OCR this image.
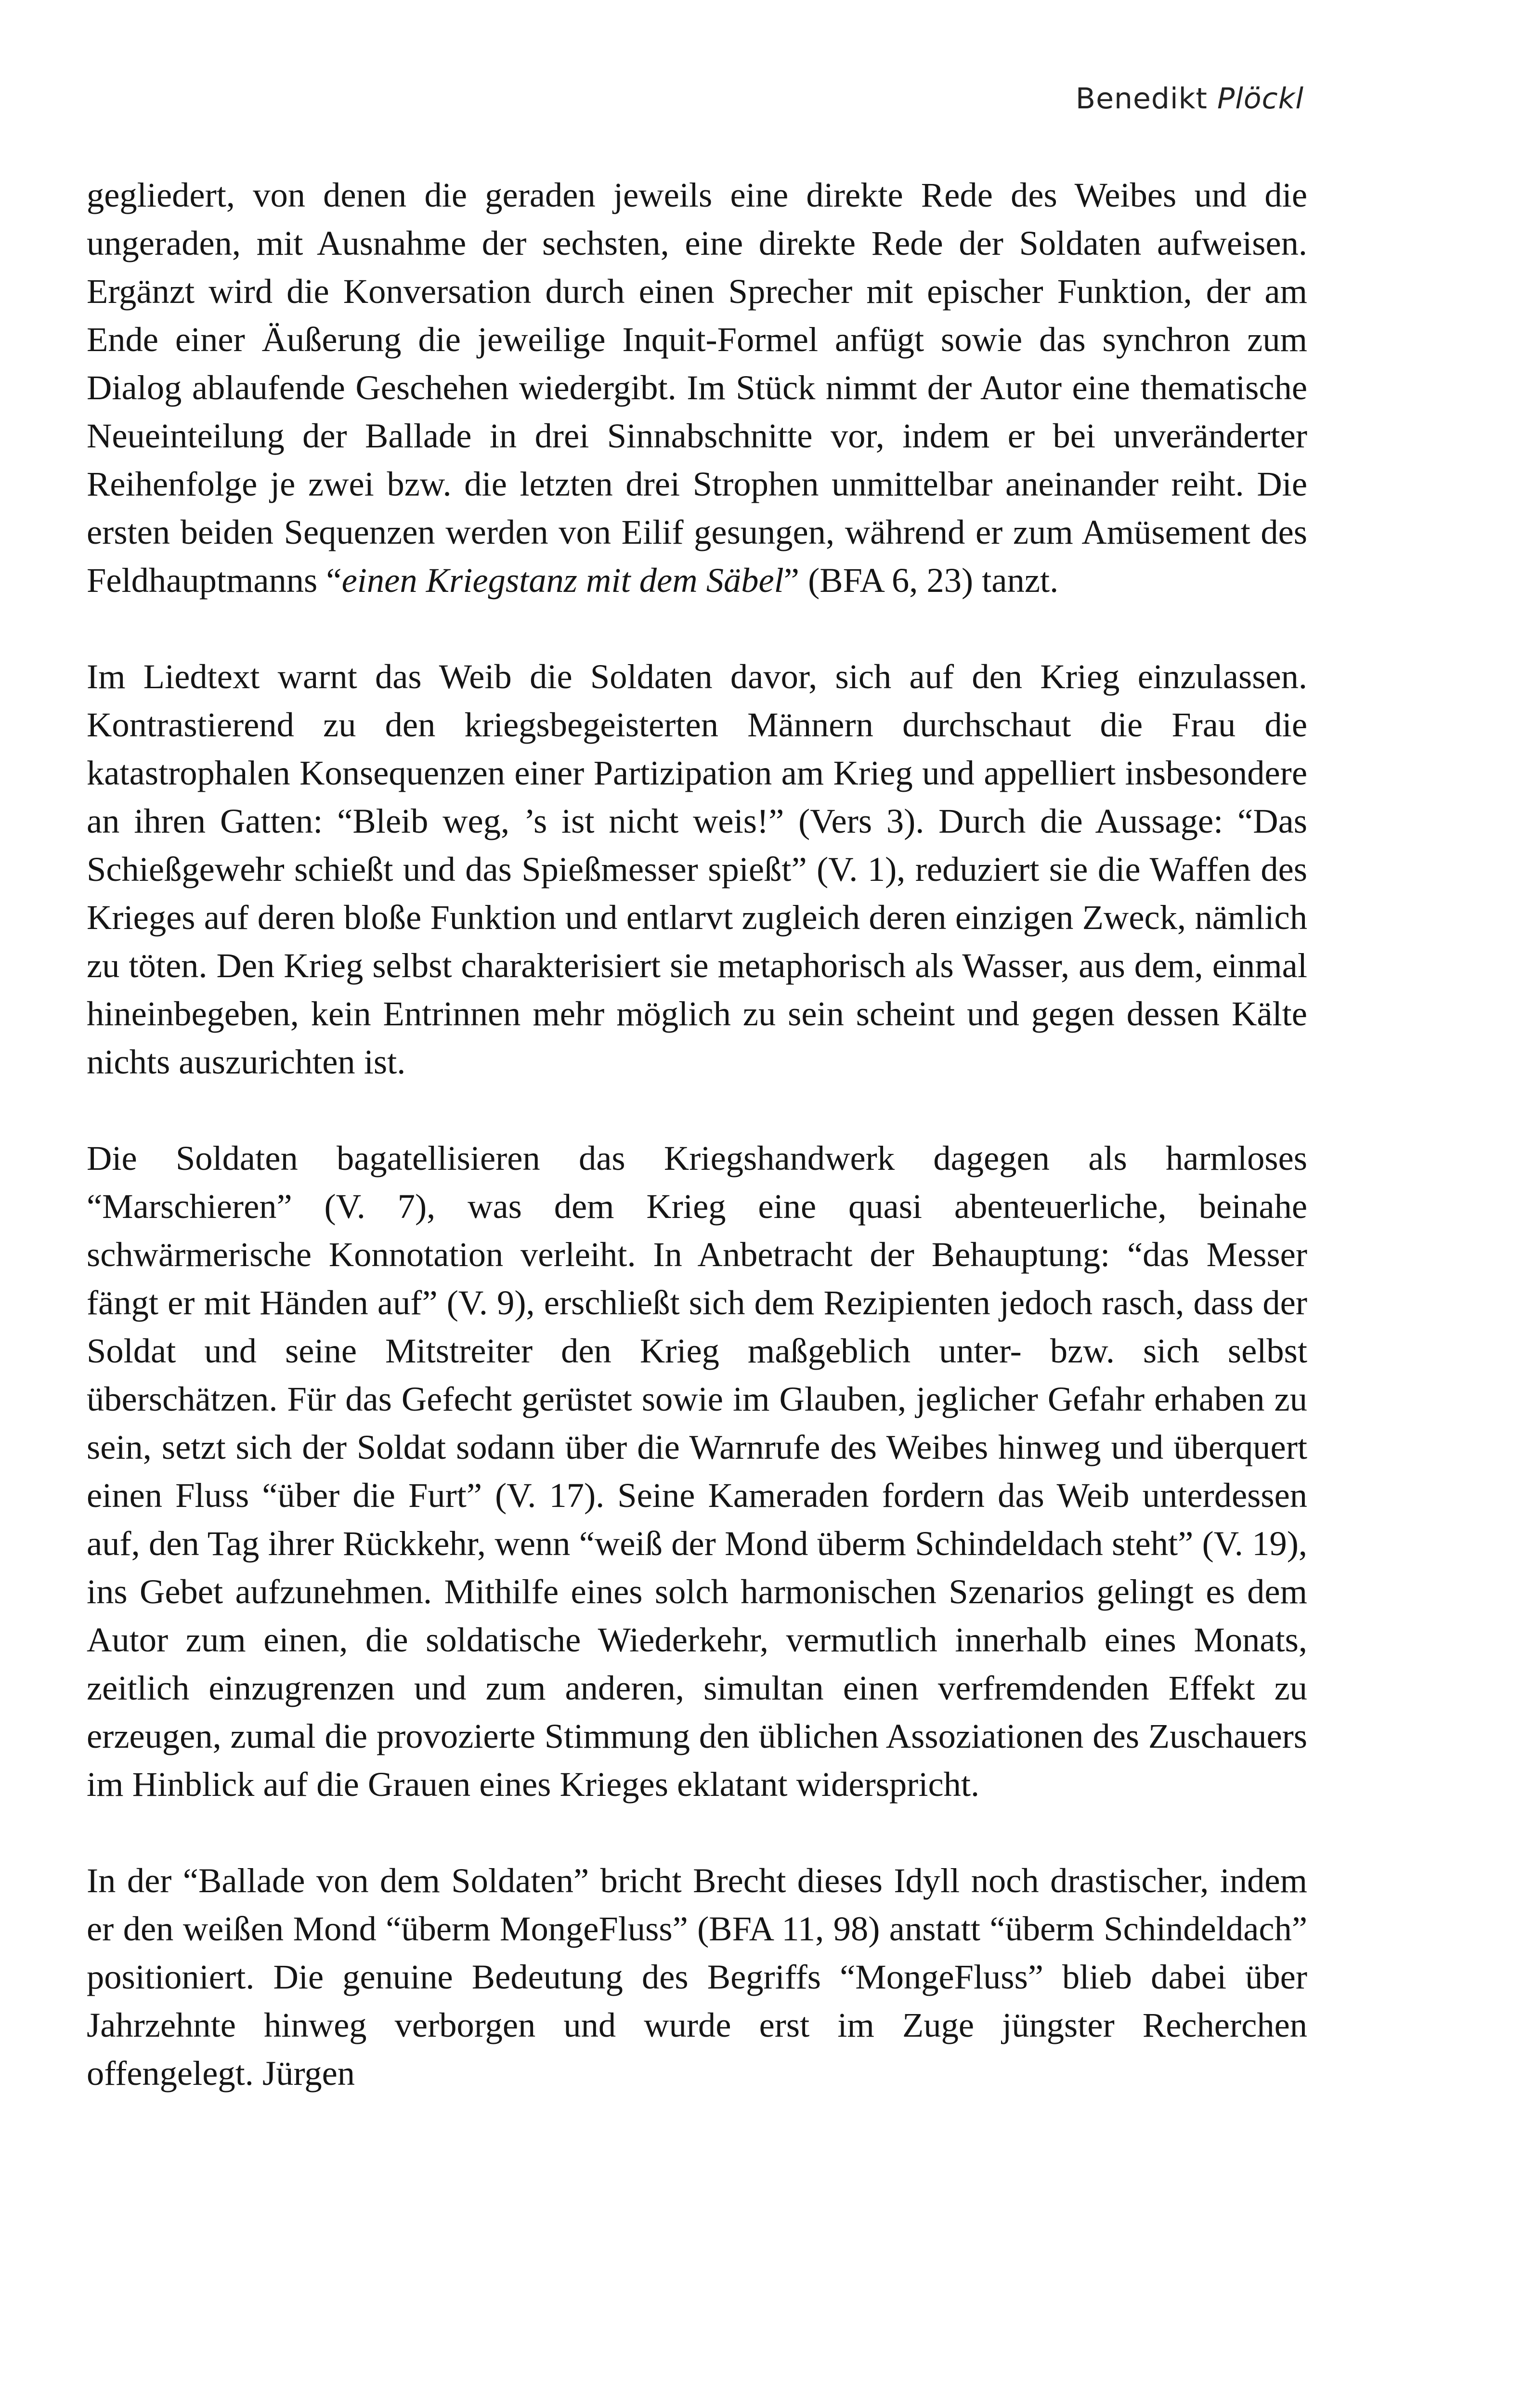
Benedikt Plöckl

gegliedert, von denen die geraden jeweils eine direkte Rede des Weibes und die ungeraden, mit Ausnahme der sechsten, eine direkte Rede der Soldaten aufweisen. Ergänzt wird die Konversation durch einen Sprecher mit epischer Funktion, der am Ende einer Äußerung die jeweilige Inquit-Formel anfügt sowie das synchron zum Dialog ablaufende Geschehen wiedergibt. Im Stück nimmt der Autor eine thematische Neueinteilung der Ballade in drei Sinnabschnitte vor, indem er bei unveränderter Reihenfolge je zwei bzw. die letzten drei Strophen unmittelbar aneinander reiht. Die ersten beiden Sequenzen werden von Eilif gesungen, während er zum Amüsement des Feldhauptmanns “einen Kriegstanz mit dem Säbel” (BFA 6, 23) tanzt.

Im Liedtext warnt das Weib die Soldaten davor, sich auf den Krieg einzulassen. Kontrastierend zu den kriegsbegeisterten Männern durchschaut die Frau die katastrophalen Konsequenzen einer Partizipation am Krieg und appelliert insbesondere an ihren Gatten: “Bleib weg, ’s ist nicht weis!” (Vers 3). Durch die Aussage: “Das Schießgewehr schießt und das Spießmesser spießt” (V. 1), reduziert sie die Waffen des Krieges auf deren bloße Funktion und entlarvt zugleich deren einzigen Zweck, nämlich zu töten. Den Krieg selbst charakterisiert sie metaphorisch als Wasser, aus dem, einmal hineinbegeben, kein Entrinnen mehr möglich zu sein scheint und gegen dessen Kälte nichts auszurichten ist.

Die Soldaten bagatellisieren das Kriegshandwerk dagegen als harmloses “Marschieren” (V. 7), was dem Krieg eine quasi abenteuerliche, beinahe schwärmerische Konnotation verleiht. In Anbetracht der Behauptung: “das Messer fängt er mit Händen auf” (V. 9), erschließt sich dem Rezipienten jedoch rasch, dass der Soldat und seine Mitstreiter den Krieg maßgeblich unter- bzw. sich selbst überschätzen. Für das Gefecht gerüstet sowie im Glauben, jeglicher Gefahr erhaben zu sein, setzt sich der Soldat sodann über die Warnrufe des Weibes hinweg und überquert einen Fluss “über die Furt” (V. 17). Seine Kameraden fordern das Weib unterdessen auf, den Tag ihrer Rückkehr, wenn “weiß der Mond überm Schindeldach steht” (V. 19), ins Gebet aufzunehmen. Mithilfe eines solch harmonischen Szenarios gelingt es dem Autor zum einen, die soldatische Wiederkehr, vermutlich innerhalb eines Monats, zeitlich einzugrenzen und zum anderen, simultan einen verfremdenden Effekt zu erzeugen, zumal die provozierte Stimmung den üblichen Assoziationen des Zuschauers im Hinblick auf die Grauen eines Krieges eklatant widerspricht.

In der “Ballade von dem Soldaten” bricht Brecht dieses Idyll noch drastischer, indem er den weißen Mond “überm MongeFluss” (BFA 11, 98) anstatt “überm Schindeldach” positioniert. Die genuine Bedeutung des Begriffs “MongeFluss” blieb dabei über Jahrzehnte hinweg verborgen und wurde erst im Zuge jüngster Recherchen offengelegt. Jürgen
